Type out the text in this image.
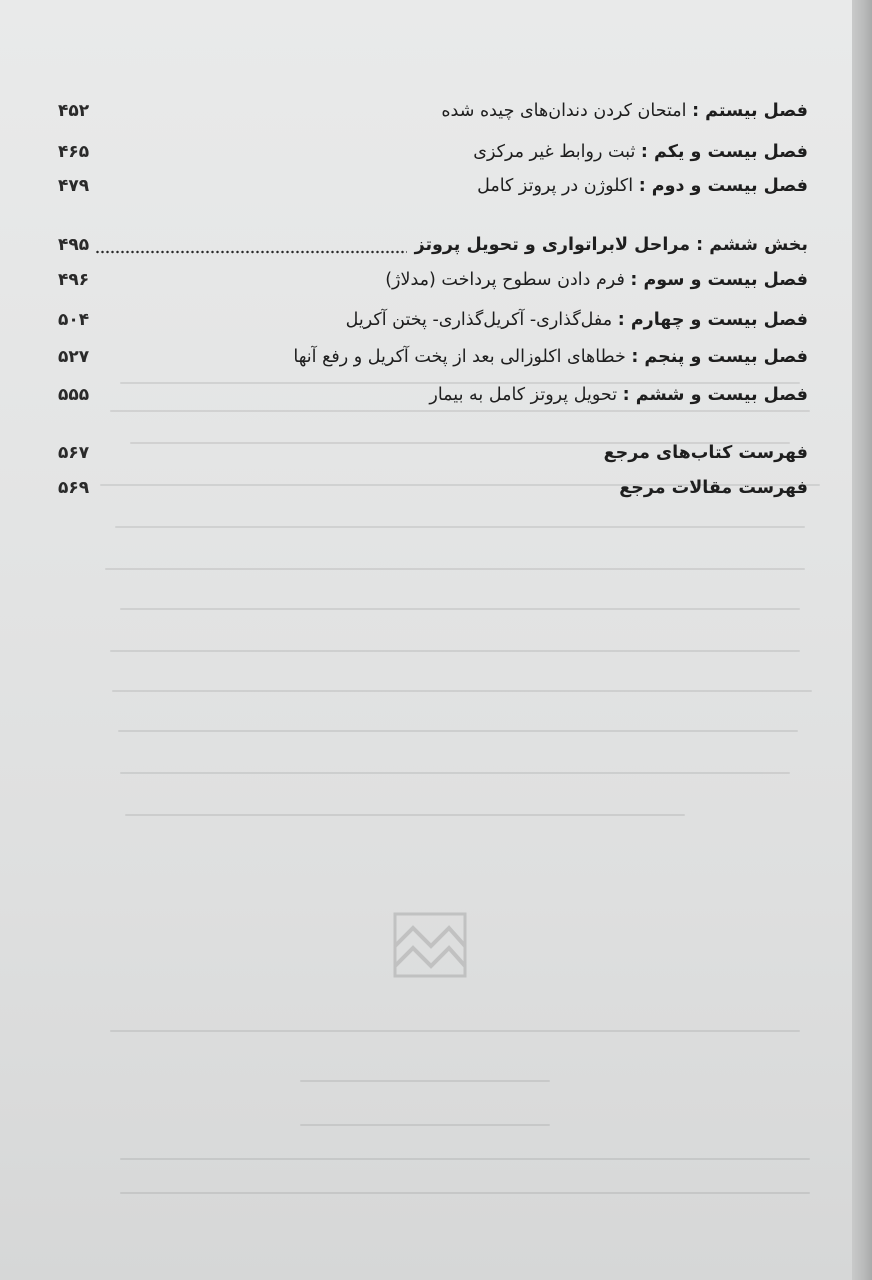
فصل بیستم : امتحان کردن دندان‌های چیده شده
۴۵۲
فصل بیست و یکم : ثبت روابط غیر مرکزی
۴۶۵
فصل بیست و دوم : اکلوژن در پروتز کامل
۴۷۹
بخش ششم : مراحل لابراتواری و تحویل پروتز
۴۹۵
فصل بیست و سوم : فرم دادن سطوح پرداخت (مدلاژ)
۴۹۶
فصل بیست و چهارم : مفل‌گذاری- آکریل‌گذاری- پختن آکریل
۵۰۴
فصل بیست و پنجم : خطاهای اکلوزالی بعد از پخت آکریل و رفع آنها
۵۲۷
فصل بیست و ششم : تحویل پروتز کامل به بیمار
۵۵۵
فهرست کتاب‌های مرجع
۵۶۷
فهرست مقالات مرجع
۵۶۹
